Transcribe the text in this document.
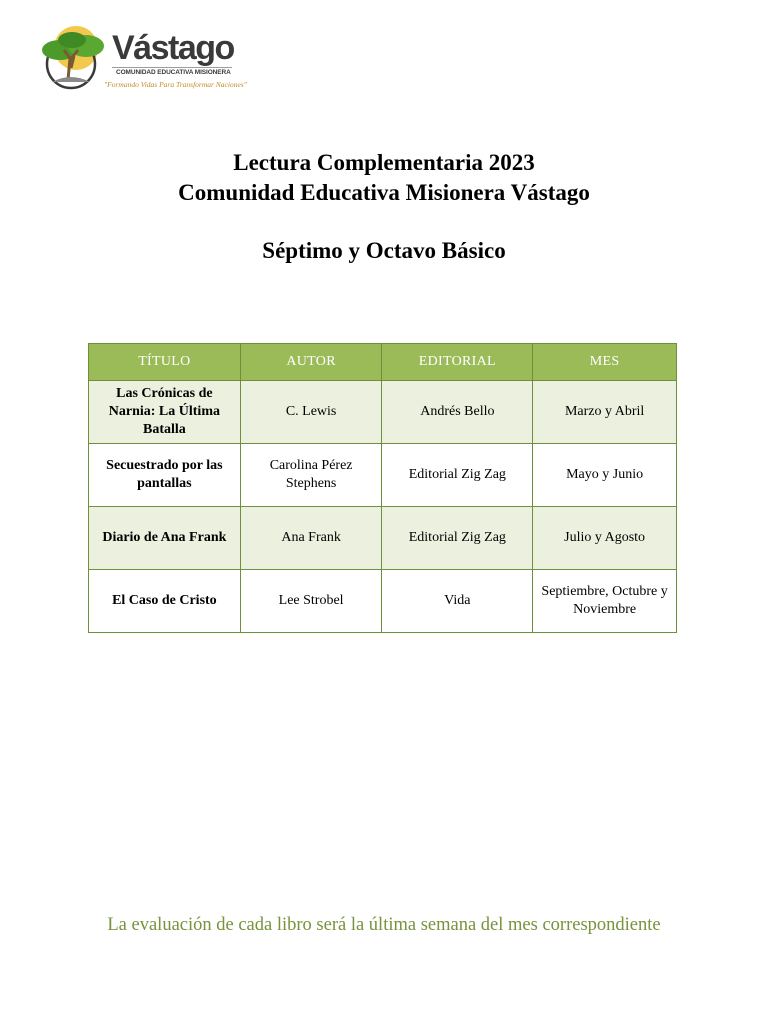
Vástago
COMUNIDAD EDUCATIVA MISIONERA
"Formando Vidas Para Transformar Naciones"

Lectura Complementaria 2023

Comunidad Educativa Misionera Vástago

Séptimo y Octavo Básico
TÍTULO	AUTOR	EDITORIAL	MES
Las Crónicas de Narnia: La Última Batalla	C. Lewis	Andrés Bello	Marzo y Abril
Secuestrado por las pantallas	Carolina Pérez Stephens	Editorial Zig Zag	Mayo y Junio
Diario de Ana Frank	Ana Frank	Editorial Zig Zag	Julio y Agosto
El Caso de Cristo	Lee Strobel	Vida	Septiembre, Octubre y Noviembre
La evaluación de cada libro será la última semana del mes correspondiente
